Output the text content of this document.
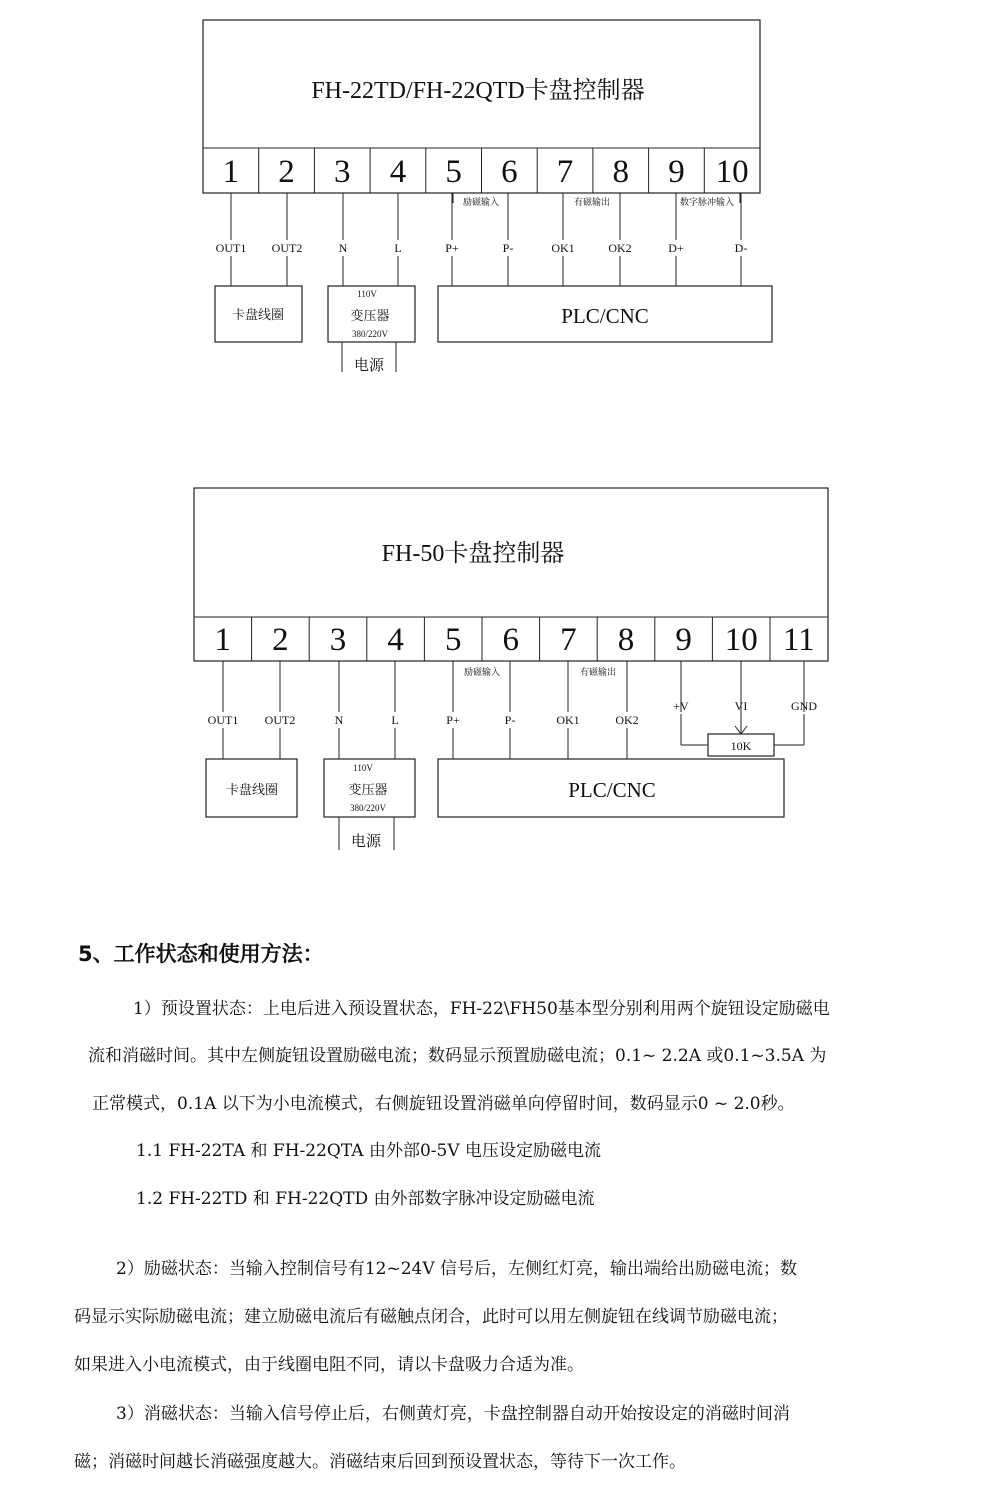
FH-22TD/FH-22QTD卡盘控制器
1 2 3 4 5 6 7 8 9 10
励磁输入	有磁输出	数字脉冲输入
OUT1 OUT2	N	L	P+	P-	OK1	OK2	D+	D-
卡盘线圈
110V
变压器
380/220V
电源
PLC/CNC
FH-50卡盘控制器
1 2 3 4 5 6 7 8 9 10 11
励磁输入	有磁输出
OUT1 OUT2	N	L	P+	P-	OK1	OK2
+V	VI	GND
10K
卡盘线圈
110V
变压器
380/220V
电源
PLC/CNC
5、工作状态和使用方法：

1）预设置状态：上电后进入预设置状态，FH-22\FH50基本型分别利用两个旋钮设定励磁电

流和消磁时间。其中左侧旋钮设置励磁电流；数码显示预置励磁电流；0.1~ 2.2A 或0.1~3.5A 为

正常模式，0.1A 以下为小电流模式，右侧旋钮设置消磁单向停留时间，数码显示0 ~ 2.0秒。

1.1 FH-22TA 和 FH-22QTA 由外部0-5V 电压设定励磁电流

1.2 FH-22TD 和 FH-22QTD 由外部数字脉冲设定励磁电流

2）励磁状态：当输入控制信号有12~24V 信号后，左侧红灯亮，输出端给出励磁电流；数

码显示实际励磁电流；建立励磁电流后有磁触点闭合，此时可以用左侧旋钮在线调节励磁电流；

如果进入小电流模式，由于线圈电阻不同，请以卡盘吸力合适为准。

3）消磁状态：当输入信号停止后，右侧黄灯亮，卡盘控制器自动开始按设定的消磁时间消

磁；消磁时间越长消磁强度越大。消磁结束后回到预设置状态，等待下一次工作。
